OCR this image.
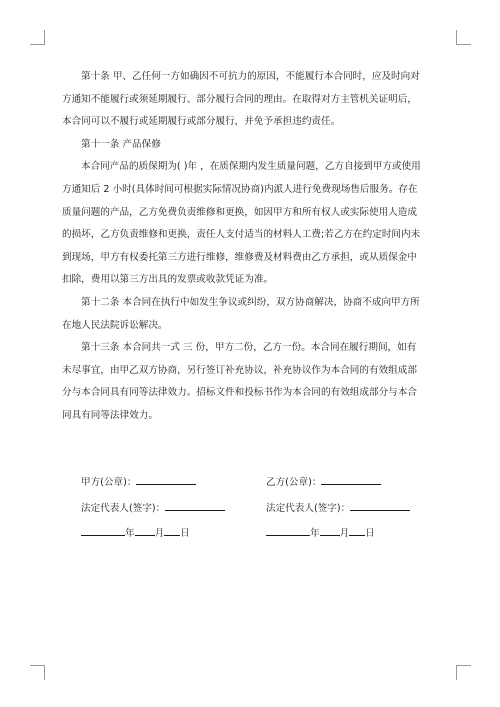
第十条 甲、乙任何一方如确因不可抗力的原因，不能履行本合同时，应及时向对
方通知不能履行或须延期履行、部分履行合同的理由。在取得对方主管机关证明后，
本合同可以不履行或延期履行或部分履行，并免予承担违约责任。
第十一条 产品保修
本合同产品的质保期为( )年 ，在质保期内发生质量问题，乙方自接到甲方或使用
方通知后 2 小时(具体时间可根据实际情况协商)内派人进行免费现场售后服务。存在
质量问题的产品，乙方免费负责维修和更换，如因甲方和所有权人或实际使用人造成
的损坏，乙方负责维修和更换，责任人支付适当的材料人工费;若乙方在约定时间内未
到现场，甲方有权委托第三方进行维修，维修费及材料费由乙方承担，或从质保金中
扣除，费用以第三方出具的发票或收款凭证为准。
第十二条 本合同在执行中如发生争议或纠纷，双方协商解决，协商不成向甲方所
在地人民法院诉讼解决。
第十三条 本合同共一式 三 份，甲方二份，乙方一份。本合同在履行期间，如有
未尽事宜，由甲乙双方协商，另行签订补充协议，补充协议作为本合同的有效组成部
分与本合同具有同等法律效力。招标文件和投标书作为本合同的有效组成部分与本合
同具有同等法律效力。
甲方(公章)：	乙方(公章)：
法定代表人(签字)：	法定代表人(签字)：
年 月 日	年 月 日
